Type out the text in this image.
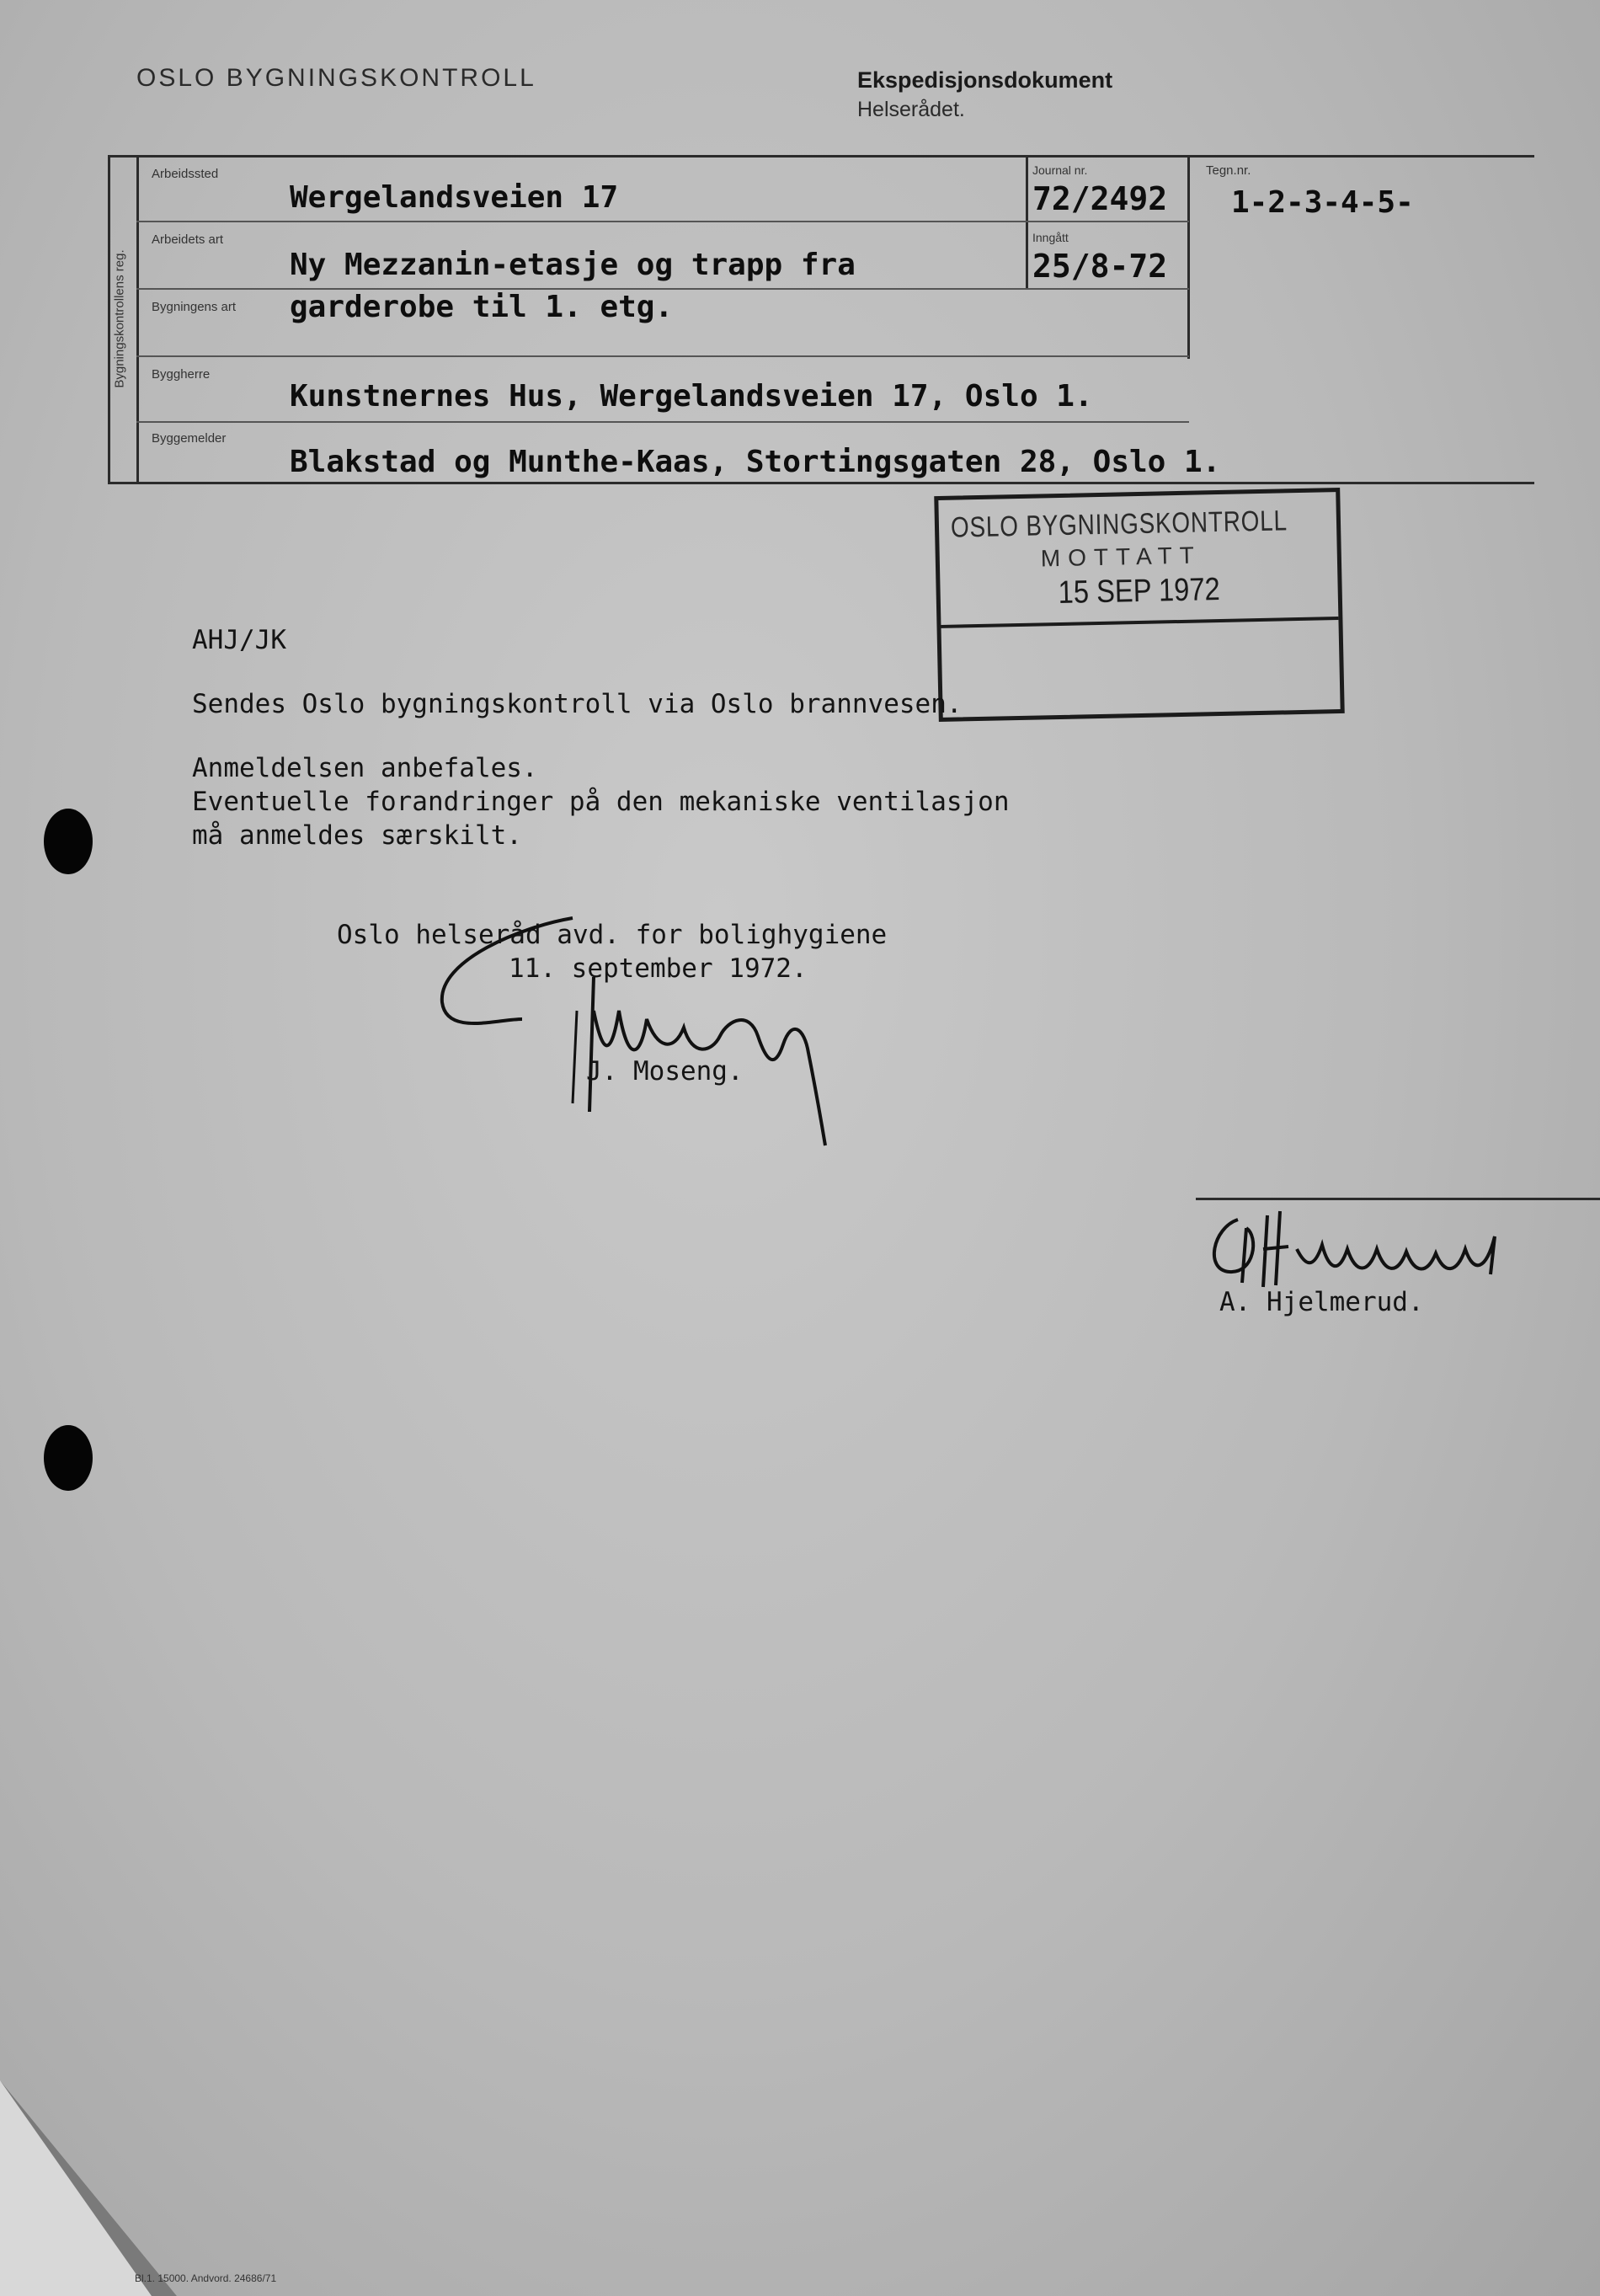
OSLO BYGNINGSKONTROLL	Ekspedisjonsdokument
Helserådet.
Bygningskontrollens reg.
Arbeidssted
Wergelandsveien 17
Journal nr.
72/2492
Tegn.nr.
1-2-3-4-5-
Arbeidets art
Ny Mezzanin-etasje og trapp fra
Inngått
25/8-72
Bygningens art garderobe til 1. etg.
Byggherre
Kunstnernes Hus, Wergelandsveien 17, Oslo 1.
Byggemelder
Blakstad og Munthe-Kaas, Stortingsgaten 28, Oslo 1.
OSLO BYGNINGSKONTROLL
MOTTATT
15 SEP 1972
AHJ/JK
Sendes Oslo bygningskontroll via Oslo brannvesen.
Anmeldelsen anbefales.
Eventuelle forandringer på den mekaniske ventilasjon
må anmeldes særskilt.
Oslo helseråd avd. for bolighygiene
11. september 1972.
J. Moseng.
A. Hjelmerud.
Bl.1. 15000. Andvord. 24686/71
